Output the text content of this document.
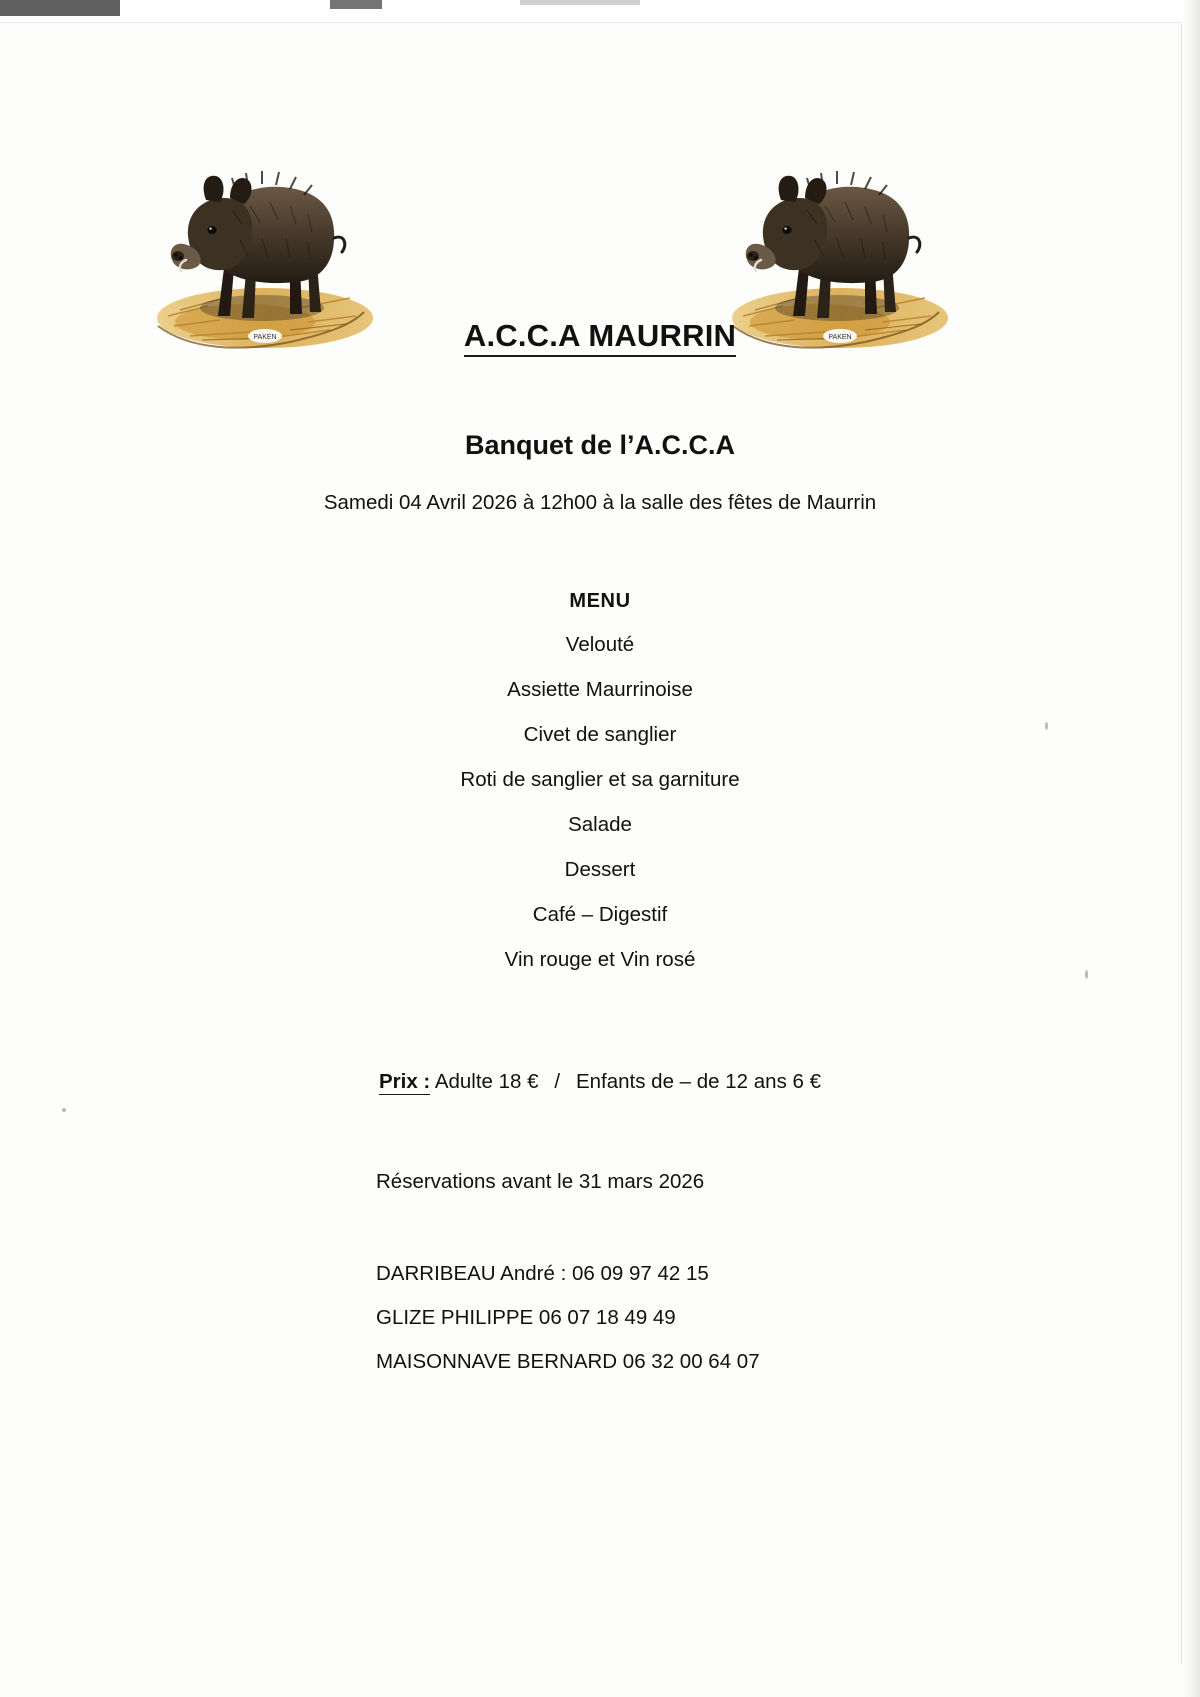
PAKEN	PAKEN
A.C.C.A MAURRIN
Banquet de l’A.C.C.A
Samedi 04 Avril 2026 à 12h00 à la salle des fêtes de Maurrin
MENU
Velouté
Assiette Maurrinoise
Civet de sanglier
Roti de sanglier et sa garniture
Salade
Dessert
Café – Digestif
Vin rouge et Vin rosé
Prix : Adulte 18 € / Enfants de – de 12 ans 6 €
Réservations avant le 31 mars 2026
DARRIBEAU André : 06 09 97 42 15
GLIZE PHILIPPE 06 07 18 49 49
MAISONNAVE BERNARD 06 32 00 64 07
